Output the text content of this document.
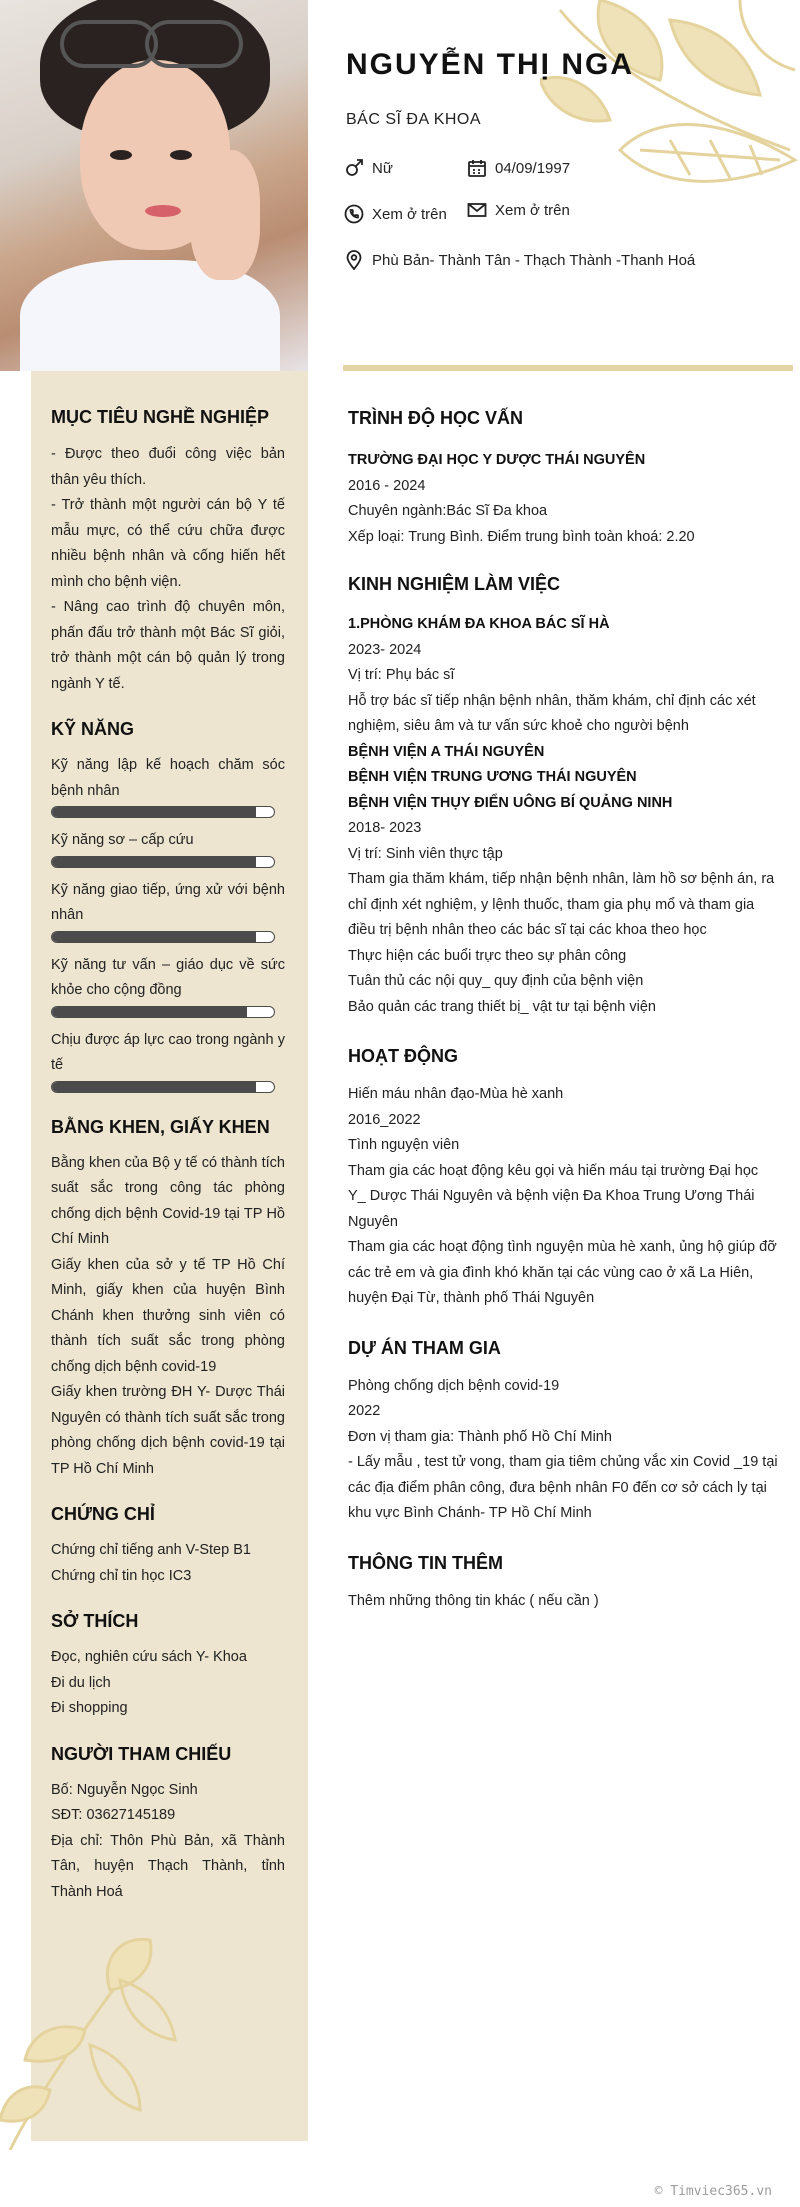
NGUYỄN THỊ NGA
BÁC SĨ ĐA KHOA
Nữ	04/09/1997
Xem ở trên	Xem ở trên
Phù Bản- Thành Tân - Thạch Thành -Thanh Hoá
MỤC TIÊU NGHỀ NGHIỆP

- Được theo đuổi công việc bản thân yêu thích.

- Trở thành một người cán bộ Y tế mẫu mực, có thể cứu chữa được nhiều bệnh nhân và cống hiến hết mình cho bệnh viện.

- Nâng cao trình độ chuyên môn, phấn đấu trở thành một Bác Sĩ giỏi, trở thành một cán bộ quản lý trong ngành Y tế.

KỸ NĂNG

Kỹ năng lập kế hoạch chăm sóc bệnh nhân

Kỹ năng sơ – cấp cứu

Kỹ năng giao tiếp, ứng xử với bệnh nhân

Kỹ năng tư vấn – giáo dục về sức khỏe cho cộng đồng

Chịu được áp lực cao trong ngành y tế

BẰNG KHEN, GIẤY KHEN

Bằng khen của Bộ y tế có thành tích suất sắc trong công tác phòng chống dịch bệnh Covid-19 tại TP Hồ Chí Minh

Giấy khen của sở y tế TP Hồ Chí Minh, giấy khen của huyện Bình Chánh khen thưởng sinh viên có thành tích suất sắc trong phòng chống dịch bệnh covid-19

Giấy khen trường ĐH Y- Dược Thái Nguyên có thành tích suất sắc trong phòng chống dịch bệnh covid-19 tại TP Hồ Chí Minh

CHỨNG CHỈ

Chứng chỉ tiếng anh V-Step B1

Chứng chỉ tin học IC3

SỞ THÍCH

Đọc, nghiên cứu sách Y- Khoa

Đi du lịch

Đi shopping

NGƯỜI THAM CHIẾU

Bố: Nguyễn Ngọc Sinh

SĐT: 03627145189

Địa chỉ: Thôn Phù Bản, xã Thành Tân, huyện Thạch Thành, tỉnh Thành Hoá

TRÌNH ĐỘ HỌC VẤN

TRƯỜNG ĐẠI HỌC Y DƯỢC THÁI NGUYÊN

2016 - 2024

Chuyên ngành:Bác Sĩ Đa khoa

Xếp loại: Trung Bình. Điểm trung bình toàn khoá: 2.20

KINH NGHIỆM LÀM VIỆC

1.PHÒNG KHÁM ĐA KHOA BÁC SĨ HÀ

2023- 2024

Vị trí: Phụ bác sĩ

Hỗ trợ bác sĩ tiếp nhận bệnh nhân, thăm khám, chỉ định các xét nghiệm, siêu âm và tư vấn sức khoẻ cho người bệnh

BỆNH VIỆN A THÁI NGUYÊN

BỆNH VIỆN TRUNG ƯƠNG THÁI NGUYÊN

BỆNH VIỆN THỤY ĐIỂN UÔNG BÍ QUẢNG NINH

2018- 2023

Vị trí: Sinh viên thực tập

Tham gia thăm khám, tiếp nhận bệnh nhân, làm hồ sơ bệnh án, ra chỉ định xét nghiệm, y lệnh thuốc, tham gia phụ mổ và tham gia điều trị bệnh nhân theo các bác sĩ tại các khoa theo học

Thực hiện các buổi trực theo sự phân công

Tuân thủ các nội quy_ quy định của bệnh viện

Bảo quản các trang thiết bị_ vật tư tại bệnh viện

HOẠT ĐỘNG

Hiến máu nhân đạo-Mùa hè xanh

2016_2022

Tình nguyện viên

Tham gia các hoạt động kêu gọi và hiến máu tại trường Đại học Y_ Dược Thái Nguyên và bệnh viện Đa Khoa Trung Ương Thái Nguyên

Tham gia các hoạt động tình nguyện mùa hè xanh, ủng hộ giúp đỡ các trẻ em và gia đình khó khăn tại các vùng cao ở xã La Hiên, huyện Đại Từ, thành phố Thái Nguyên

DỰ ÁN THAM GIA

Phòng chống dịch bệnh covid-19

2022

Đơn vị tham gia: Thành phố Hồ Chí Minh

- Lấy mẫu , test tử vong, tham gia tiêm chủng vắc xin Covid _19 tại các địa điểm phân công, đưa bệnh nhân F0 đến cơ sở cách ly tại khu vực Bình Chánh- TP Hồ Chí Minh

THÔNG TIN THÊM

Thêm những thông tin khác ( nếu cần )

© Timviec365.vn
